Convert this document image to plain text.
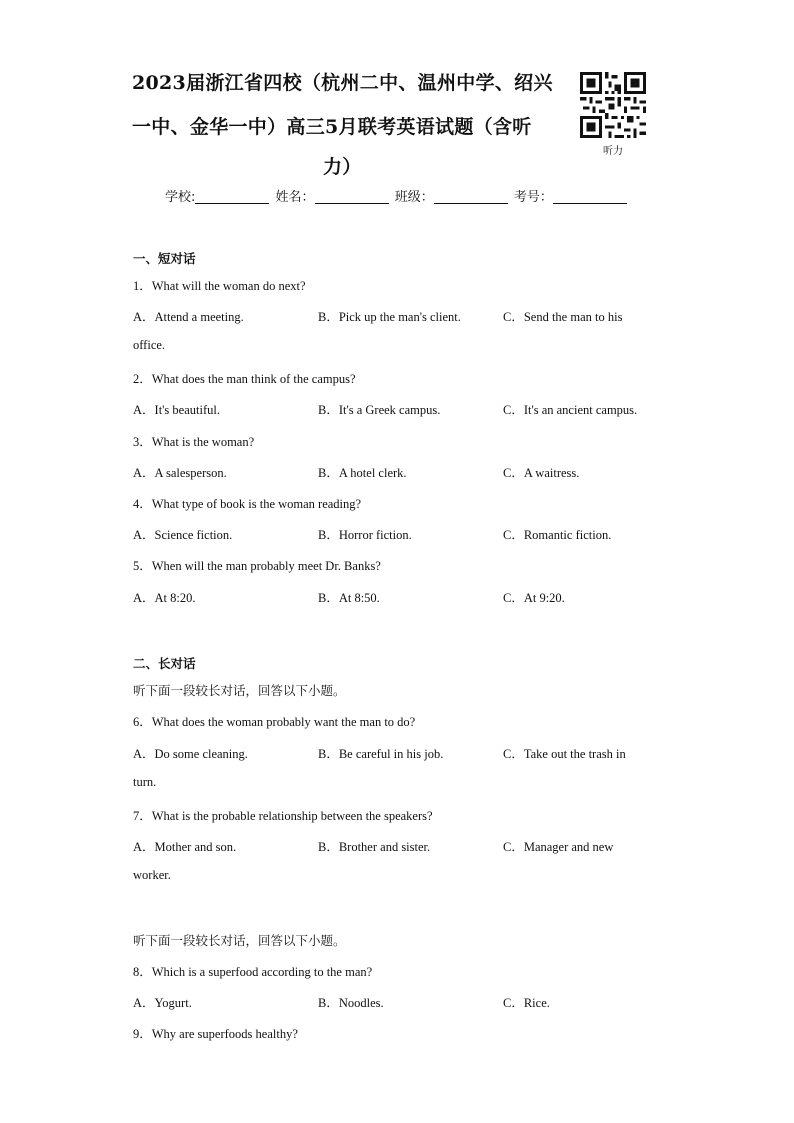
2023届浙江省四校（杭州二中、温州中学、绍兴
一中、金华一中）高三5月联考英语试题（含听
力）
听力
学校:	姓名：	班级：	考号：
一、短对话
1．What will the woman do next?
A．Attend a meeting.	B．Pick up the man's client.	C．Send the man to his
office.
2．What does the man think of the campus?
A．It's beautiful.	B．It's a Greek campus.	C．It's an ancient campus.
3．What is the woman?
A．A salesperson.	B．A hotel clerk.	C．A waitress.
4．What type of book is the woman reading?
A．Science fiction.	B．Horror fiction.	C．Romantic fiction.
5．When will the man probably meet Dr. Banks?
A．At 8:20.	B．At 8:50.	C．At 9:20.
二、长对话
听下面一段较长对话，回答以下小题。
6．What does the woman probably want the man to do?
A．Do some cleaning.	B．Be careful in his job.	C．Take out the trash in
turn.
7．What is the probable relationship between the speakers?
A．Mother and son.	B．Brother and sister.	C．Manager and new
worker.
听下面一段较长对话，回答以下小题。
8．Which is a superfood according to the man?
A．Yogurt.	B．Noodles.	C．Rice.
9．Why are superfoods healthy?
